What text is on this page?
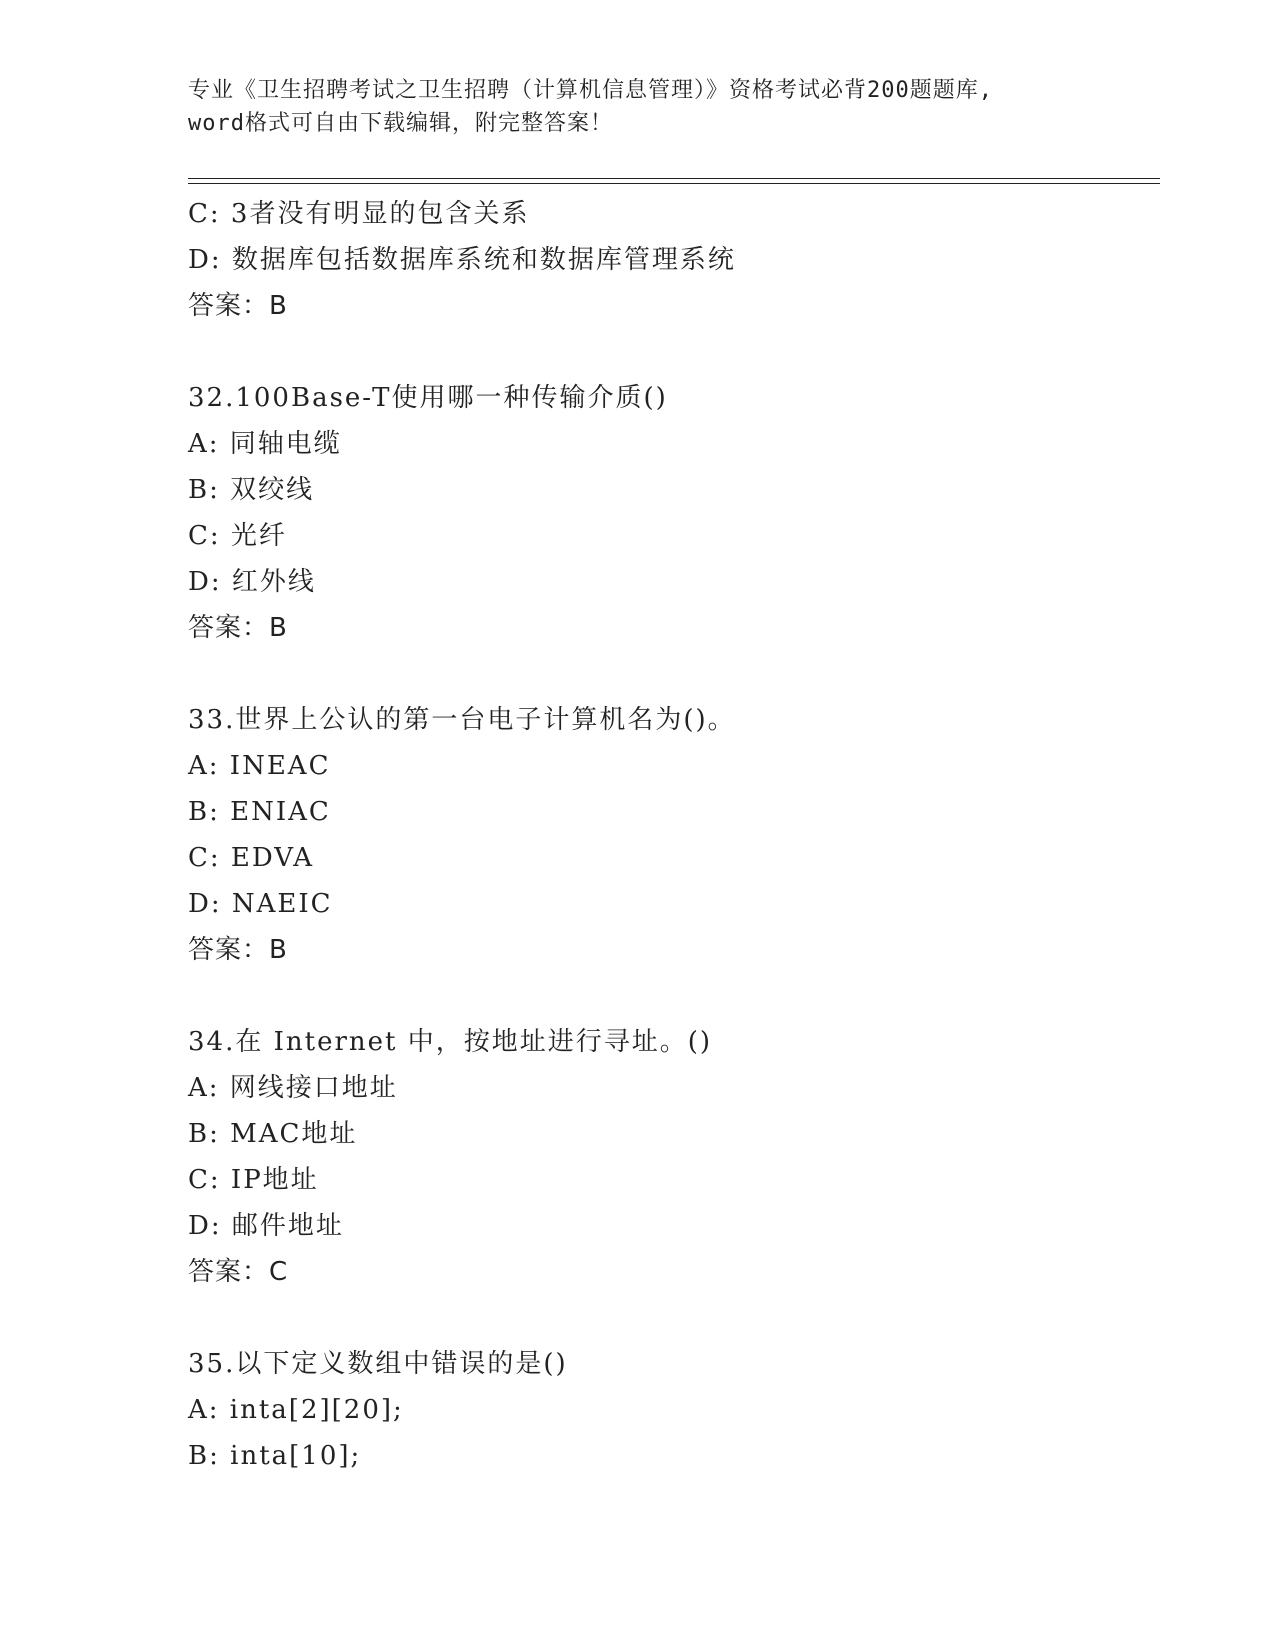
专业《卫生招聘考试之卫生招聘（计算机信息管理）》资格考试必背200题题库,
word格式可自由下载编辑，附完整答案！
C: 3者没有明显的包含关系
D: 数据库包括数据库系统和数据库管理系统
答案：B
32.100Base-T使用哪一种传输介质()
A: 同轴电缆
B: 双绞线
C: 光纤
D: 红外线
答案：B
33.世界上公认的第一台电子计算机名为()。
A: INEAC
B: ENIAC
C: EDVA
D: NAEIC
答案：B
34.在 Internet 中，按地址进行寻址。()
A: 网线接口地址
B: MAC地址
C: IP地址
D: 邮件地址
答案：C
35.以下定义数组中错误的是()
A: inta[2][20];
B: inta[10];
